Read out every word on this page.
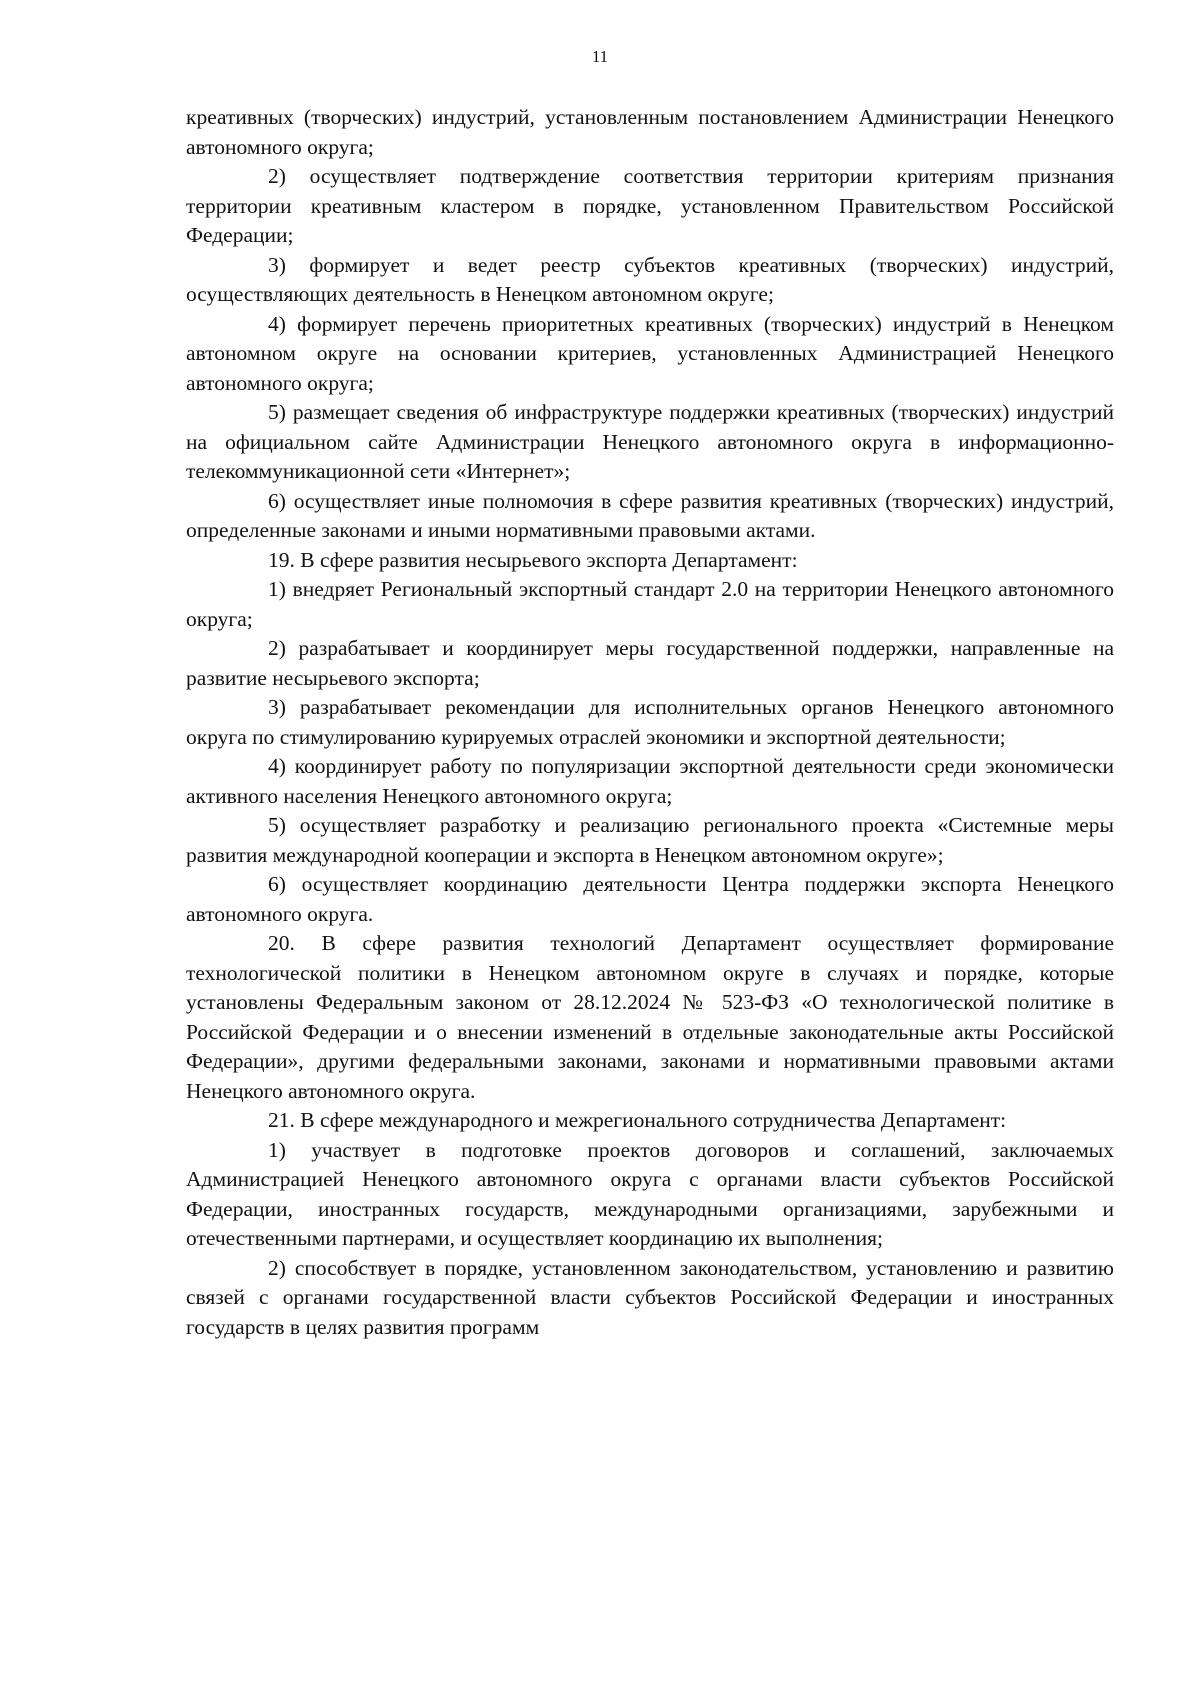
11

креативных (творческих) индустрий, установленным постановлением Администрации Ненецкого автономного округа;

2) осуществляет подтверждение соответствия территории критериям признания территории креативным кластером в порядке, установленном Правительством Российской Федерации;

3) формирует и ведет реестр субъектов креативных (творческих) индустрий, осуществляющих деятельность в Ненецком автономном округе;

4) формирует перечень приоритетных креативных (творческих) индустрий в Ненецком автономном округе на основании критериев, установленных Администрацией Ненецкого автономного округа;

5) размещает сведения об инфраструктуре поддержки креативных (творческих) индустрий на официальном сайте Администрации Ненецкого автономного округа в информационно-телекоммуникационной сети «Интернет»;

6) осуществляет иные полномочия в сфере развития креативных (творческих) индустрий, определенные законами и иными нормативными правовыми актами.

19. В сфере развития несырьевого экспорта Департамент:

1) внедряет Региональный экспортный стандарт 2.0 на территории Ненецкого автономного округа;

2) разрабатывает и координирует меры государственной поддержки, направленные на развитие несырьевого экспорта;

3) разрабатывает рекомендации для исполнительных органов Ненецкого автономного округа по стимулированию курируемых отраслей экономики и экспортной деятельности;

4) координирует работу по популяризации экспортной деятельности среди экономически активного населения Ненецкого автономного округа;

5) осуществляет разработку и реализацию регионального проекта «Системные меры развития международной кооперации и экспорта в Ненецком автономном округе»;

6) осуществляет координацию деятельности Центра поддержки экспорта Ненецкого автономного округа.

20. В сфере развития технологий Департамент осуществляет формирование технологической политики в Ненецком автономном округе в случаях и порядке, которые установлены Федеральным законом от 28.12.2024 № 523-ФЗ «О технологической политике в Российской Федерации и о внесении изменений в отдельные законодательные акты Российской Федерации», другими федеральными законами, законами и нормативными правовыми актами Ненецкого автономного округа.

21. В сфере международного и межрегионального сотрудничества Департамент:

1) участвует в подготовке проектов договоров и соглашений, заключаемых Администрацией Ненецкого автономного округа с органами власти субъектов Российской Федерации, иностранных государств, международными организациями, зарубежными и отечественными партнерами, и осуществляет координацию их выполнения;

2) способствует в порядке, установленном законодательством, установлению и развитию связей с органами государственной власти субъектов Российской Федерации и иностранных государств в целях развития программ
